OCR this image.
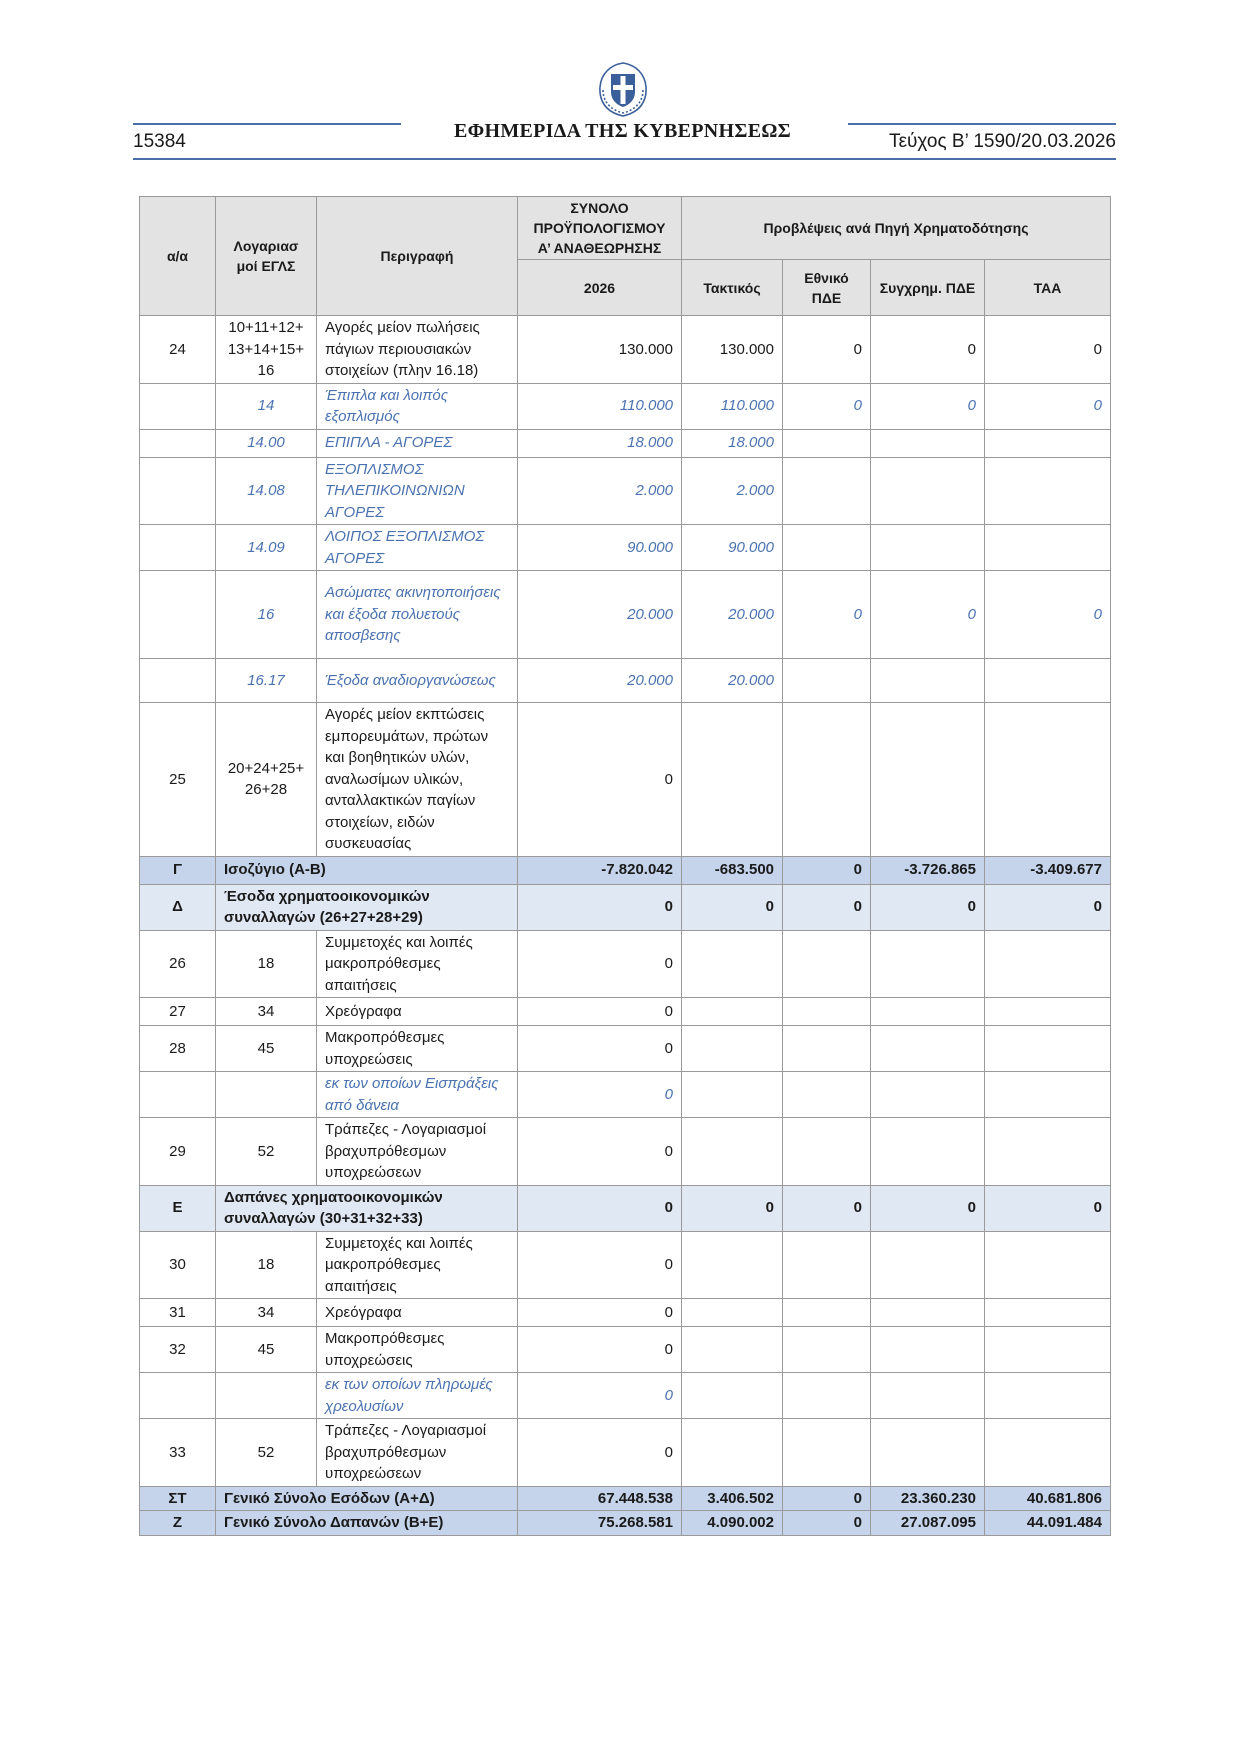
15384	ΕΦΗΜΕΡΙΔΑ ΤΗΣ ΚΥΒΕΡΝΗΣΕΩΣ	Τεύχος Β’ 1590/20.03.2026
α/α	Λογαριασ μοί ΕΓΛΣ	Περιγραφή	ΣΥΝΟΛΟ ΠΡΟΫΠΟΛΟΓΙΣΜΟΥ Α’ ΑΝΑΘΕΩΡΗΣΗΣ	Προβλέψεις ανά Πηγή Χρηματοδότησης			
			2026	Τακτικός	Εθνικό ΠΔΕ	Συγχρημ. ΠΔΕ	ΤΑΑ
24	10+11+12+ 13+14+15+ 16	Αγορές μείον πωλήσεις πάγιων περιουσιακών στοιχείων (πλην 16.18)	130.000	130.000	0	0	0
	14	Έπιπλα και λοιπός εξοπλισμός	110.000	110.000	0	0	0
	14.00	ΕΠΙΠΛΑ - ΑΓΟΡΕΣ	18.000	18.000			
	14.08	ΕΞΟΠΛΙΣΜΟΣ ΤΗΛΕΠΙΚΟΙΝΩΝΙΩΝ ΑΓΟΡΕΣ	2.000	2.000			
	14.09	ΛΟΙΠΟΣ ΕΞΟΠΛΙΣΜΟΣ ΑΓΟΡΕΣ	90.000	90.000			
	16	Ασώματες ακινητοποιήσεις και έξοδα πολυετούς αποσβεσης	20.000	20.000	0	0	0
	16.17	Έξοδα αναδιοργανώσεως	20.000	20.000			
25	20+24+25+ 26+28	Αγορές μείον εκπτώσεις εμπορευμάτων, πρώτων και βοηθητικών υλών, αναλωσίμων υλικών, ανταλλακτικών παγίων στοιχείων, ειδών συσκευασίας	0				
Γ	Ισοζύγιο (Α-Β)		-7.820.042	-683.500	0	-3.726.865	-3.409.677
Δ	Έσοδα χρηματοοικονομικών συναλλαγών (26+27+28+29)		0	0	0	0	0
26	18	Συμμετοχές και λοιπές μακροπρόθεσμες απαιτήσεις	0				
27	34	Χρεόγραφα	0				
28	45	Μακροπρόθεσμες υποχρεώσεις	0				
		εκ των οποίων Εισπράξεις από δάνεια	0				
29	52	Τράπεζες - Λογαριασμοί βραχυπρόθεσμων υποχρεώσεων	0				
Ε	Δαπάνες χρηματοοικονομικών συναλλαγών (30+31+32+33)		0	0	0	0	0
30	18	Συμμετοχές και λοιπές μακροπρόθεσμες απαιτήσεις	0				
31	34	Χρεόγραφα	0				
32	45	Μακροπρόθεσμες υποχρεώσεις	0				
		εκ των οποίων πληρωμές χρεολυσίων	0				
33	52	Τράπεζες - Λογαριασμοί βραχυπρόθεσμων υποχρεώσεων	0				
ΣΤ	Γενικό Σύνολο Εσόδων (Α+Δ)		67.448.538	3.406.502	0	23.360.230	40.681.806
Ζ	Γενικό Σύνολο Δαπανών (Β+Ε)		75.268.581	4.090.002	0	27.087.095	44.091.484
